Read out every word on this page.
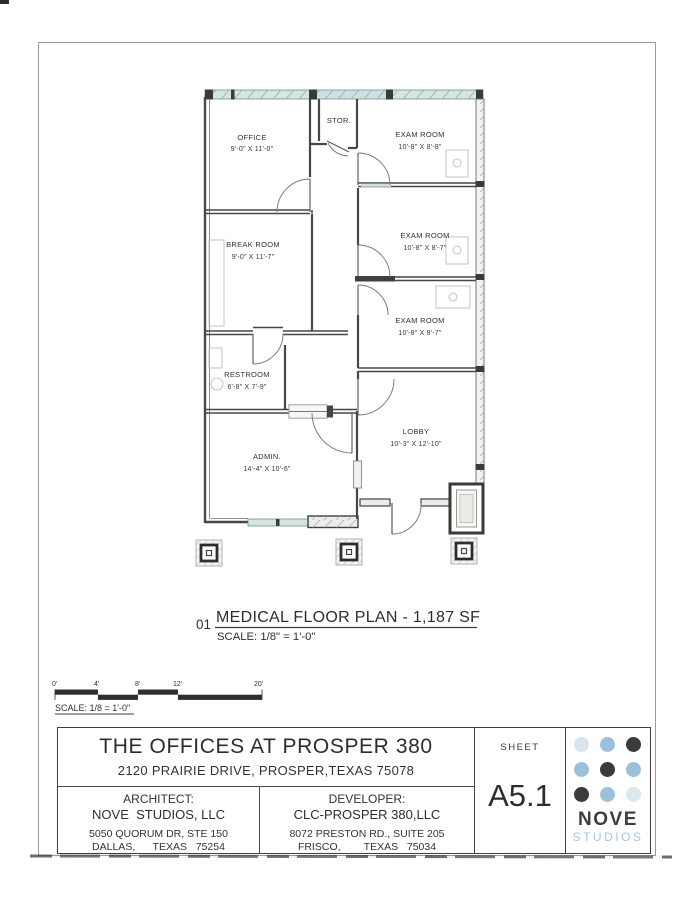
OFFICE
9'-0" X 11'-0"
STOR.
EXAM ROOM
10'-8" X 8'-8"
BREAK ROOM
9'-0" X 11'-7"
EXAM ROOM
10'-8" X 8'-7"
EXAM ROOM
10'-8" X 8'-7"
RESTROOM
6'-8" X 7'-9"
ADMIN.
14'-4" X 10'-6"
LOBBY
10'-3" X 12'-10"
01 MEDICAL FLOOR PLAN - 1,187 SF
SCALE: 1/8" = 1'-0"
0'	4'	8'	12'	20'
SCALE: 1/8 = 1'-0"
THE OFFICES AT PROSPER 380
2120 PRAIRIE DRIVE, PROSPER,TEXAS 75078
ARCHITECT:
NOVE  STUDIOS, LLC
5050 QUORUM DR, STE 150
DALLAS,      TEXAS   75254
DEVELOPER:
CLC-PROSPER 380,LLC
8072 PRESTON RD., SUITE 205
FRISCO,        TEXAS   75034
SHEET
A5.1
NOVE
STUDIOS
